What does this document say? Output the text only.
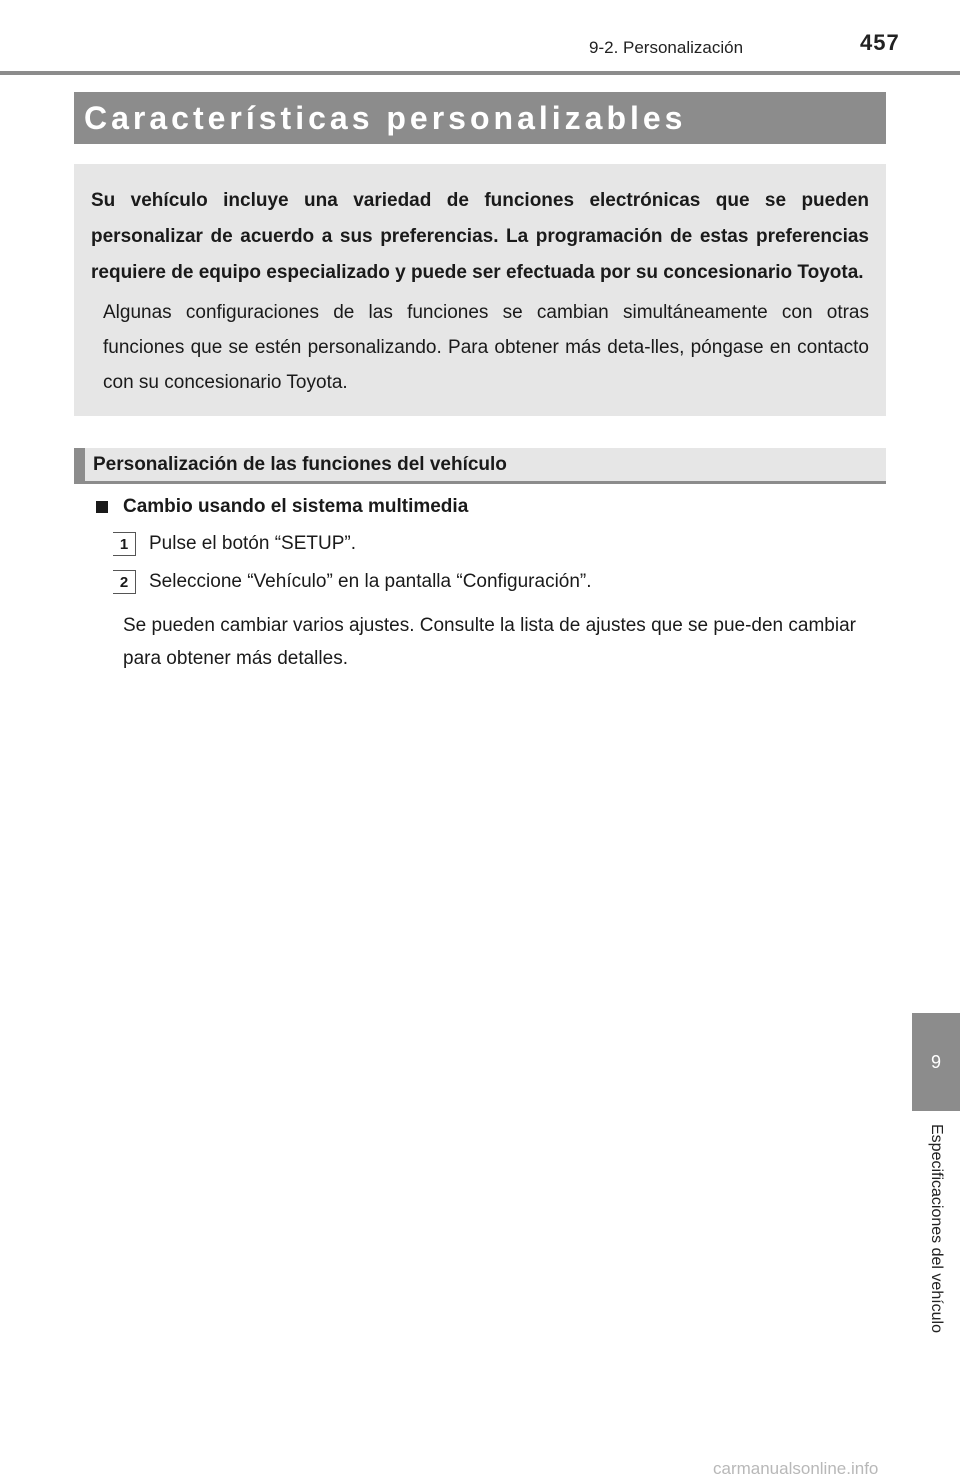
9-2. Personalización	457
Características personalizables

Su vehículo incluye una variedad de funciones electrónicas que se pueden personalizar de acuerdo a sus preferencias. La programación de estas preferencias requiere de equipo especializado y puede ser efectuada por su concesionario Toyota.

Algunas configuraciones de las funciones se cambian simultáneamente con otras funciones que se estén personalizando. Para obtener más deta-lles, póngase en contacto con su concesionario Toyota.

Personalización de las funciones del vehículo
Cambio usando el sistema multimedia
1	Pulse el botón “SETUP”.
2	Seleccione “Vehículo” en la pantalla “Configuración”.

Se pueden cambiar varios ajustes. Consulte la lista de ajustes que se pue-den cambiar para obtener más detalles.

9
Especificaciones del vehículo
carmanualsonline.info
